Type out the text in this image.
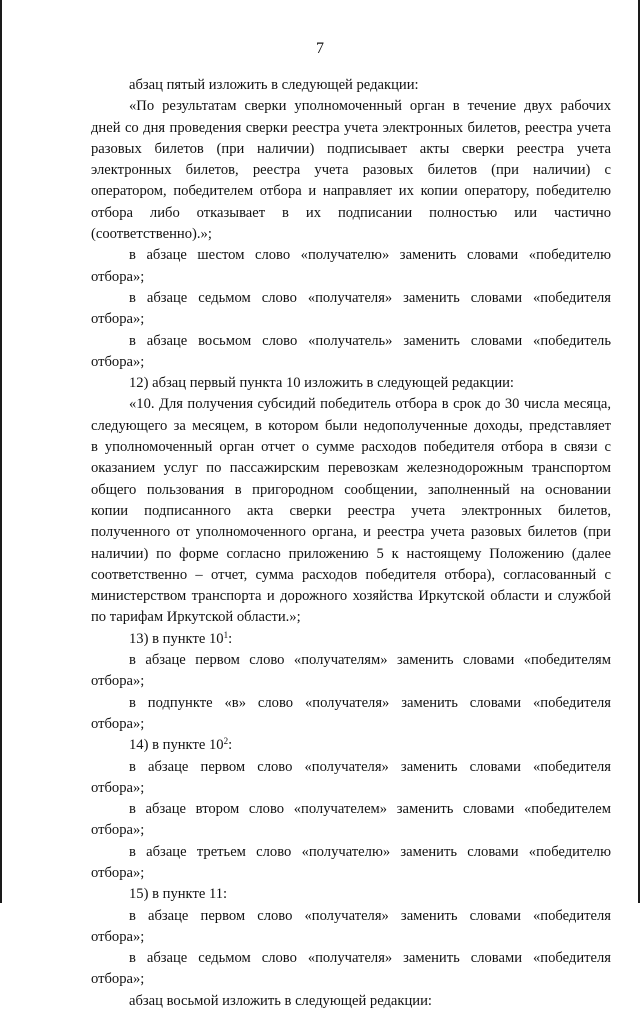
7
абзац пятый изложить в следующей редакции:
«По результатам сверки уполномоченный орган в течение двух рабочих
дней со дня проведения сверки реестра учета электронных билетов, реестра учета
разовых билетов (при наличии) подписывает акты сверки реестра учета
электронных билетов, реестра учета разовых билетов (при наличии) с
оператором, победителем отбора и направляет их копии оператору, победителю
отбора либо отказывает в их подписании полностью или частично
(соответственно).»;
в абзаце шестом слово «получателю» заменить словами «победителю
отбора»;
в абзаце седьмом слово «получателя» заменить словами «победителя
отбора»;
в абзаце восьмом слово «получатель» заменить словами «победитель
отбора»;
12) абзац первый пункта 10 изложить в следующей редакции:
«10. Для получения субсидий победитель отбора в срок до 30 числа месяца,
следующего за месяцем, в котором были недополученные доходы, представляет
в уполномоченный орган отчет о сумме расходов победителя отбора в связи с
оказанием услуг по пассажирским перевозкам железнодорожным транспортом
общего пользования в пригородном сообщении, заполненный на основании
копии подписанного акта сверки реестра учета электронных билетов,
полученного от уполномоченного органа, и реестра учета разовых билетов (при
наличии) по форме согласно приложению 5 к настоящему Положению (далее
соответственно – отчет, сумма расходов победителя отбора), согласованный с
министерством транспорта и дорожного хозяйства Иркутской области и службой
по тарифам Иркутской области.»;
13) в пункте $10^1$:
в абзаце первом слово «получателям» заменить словами «победителям
отбора»;
в подпункте «в» слово «получателя» заменить словами «победителя
отбора»;
14) в пункте $10^2$:
в абзаце первом слово «получателя» заменить словами «победителя
отбора»;
в абзаце втором слово «получателем» заменить словами «победителем
отбора»;
в абзаце третьем слово «получателю» заменить словами «победителю
отбора»;
15) в пункте 11:
в абзаце первом слово «получателя» заменить словами «победителя
отбора»;
в абзаце седьмом слово «получателя» заменить словами «победителя
отбора»;
абзац восьмой изложить в следующей редакции:
